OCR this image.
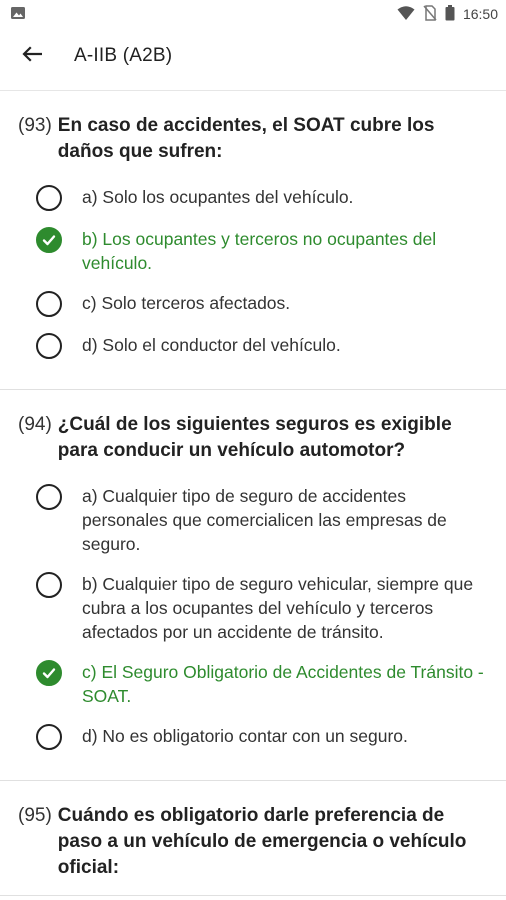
16:50
A-IIB (A2B)
(93) En caso de accidentes, el SOAT cubre los daños que sufren:
a) Solo los ocupantes del vehículo.
b) Los ocupantes y terceros no ocupantes del vehículo.
c) Solo terceros afectados.
d) Solo el conductor del vehículo.
(94) ¿Cuál de los siguientes seguros es exigible para conducir un vehículo automotor?
a) Cualquier tipo de seguro de accidentes personales que comercialicen las empresas de seguro.
b) Cualquier tipo de seguro vehicular, siempre que cubra a los ocupantes del vehículo y terceros afectados por un accidente de tránsito.
c) El Seguro Obligatorio de Accidentes de Tránsito - SOAT.
d) No es obligatorio contar con un seguro.
(95) Cuándo es obligatorio darle preferencia de paso a un vehículo de emergencia o vehículo oficial:
